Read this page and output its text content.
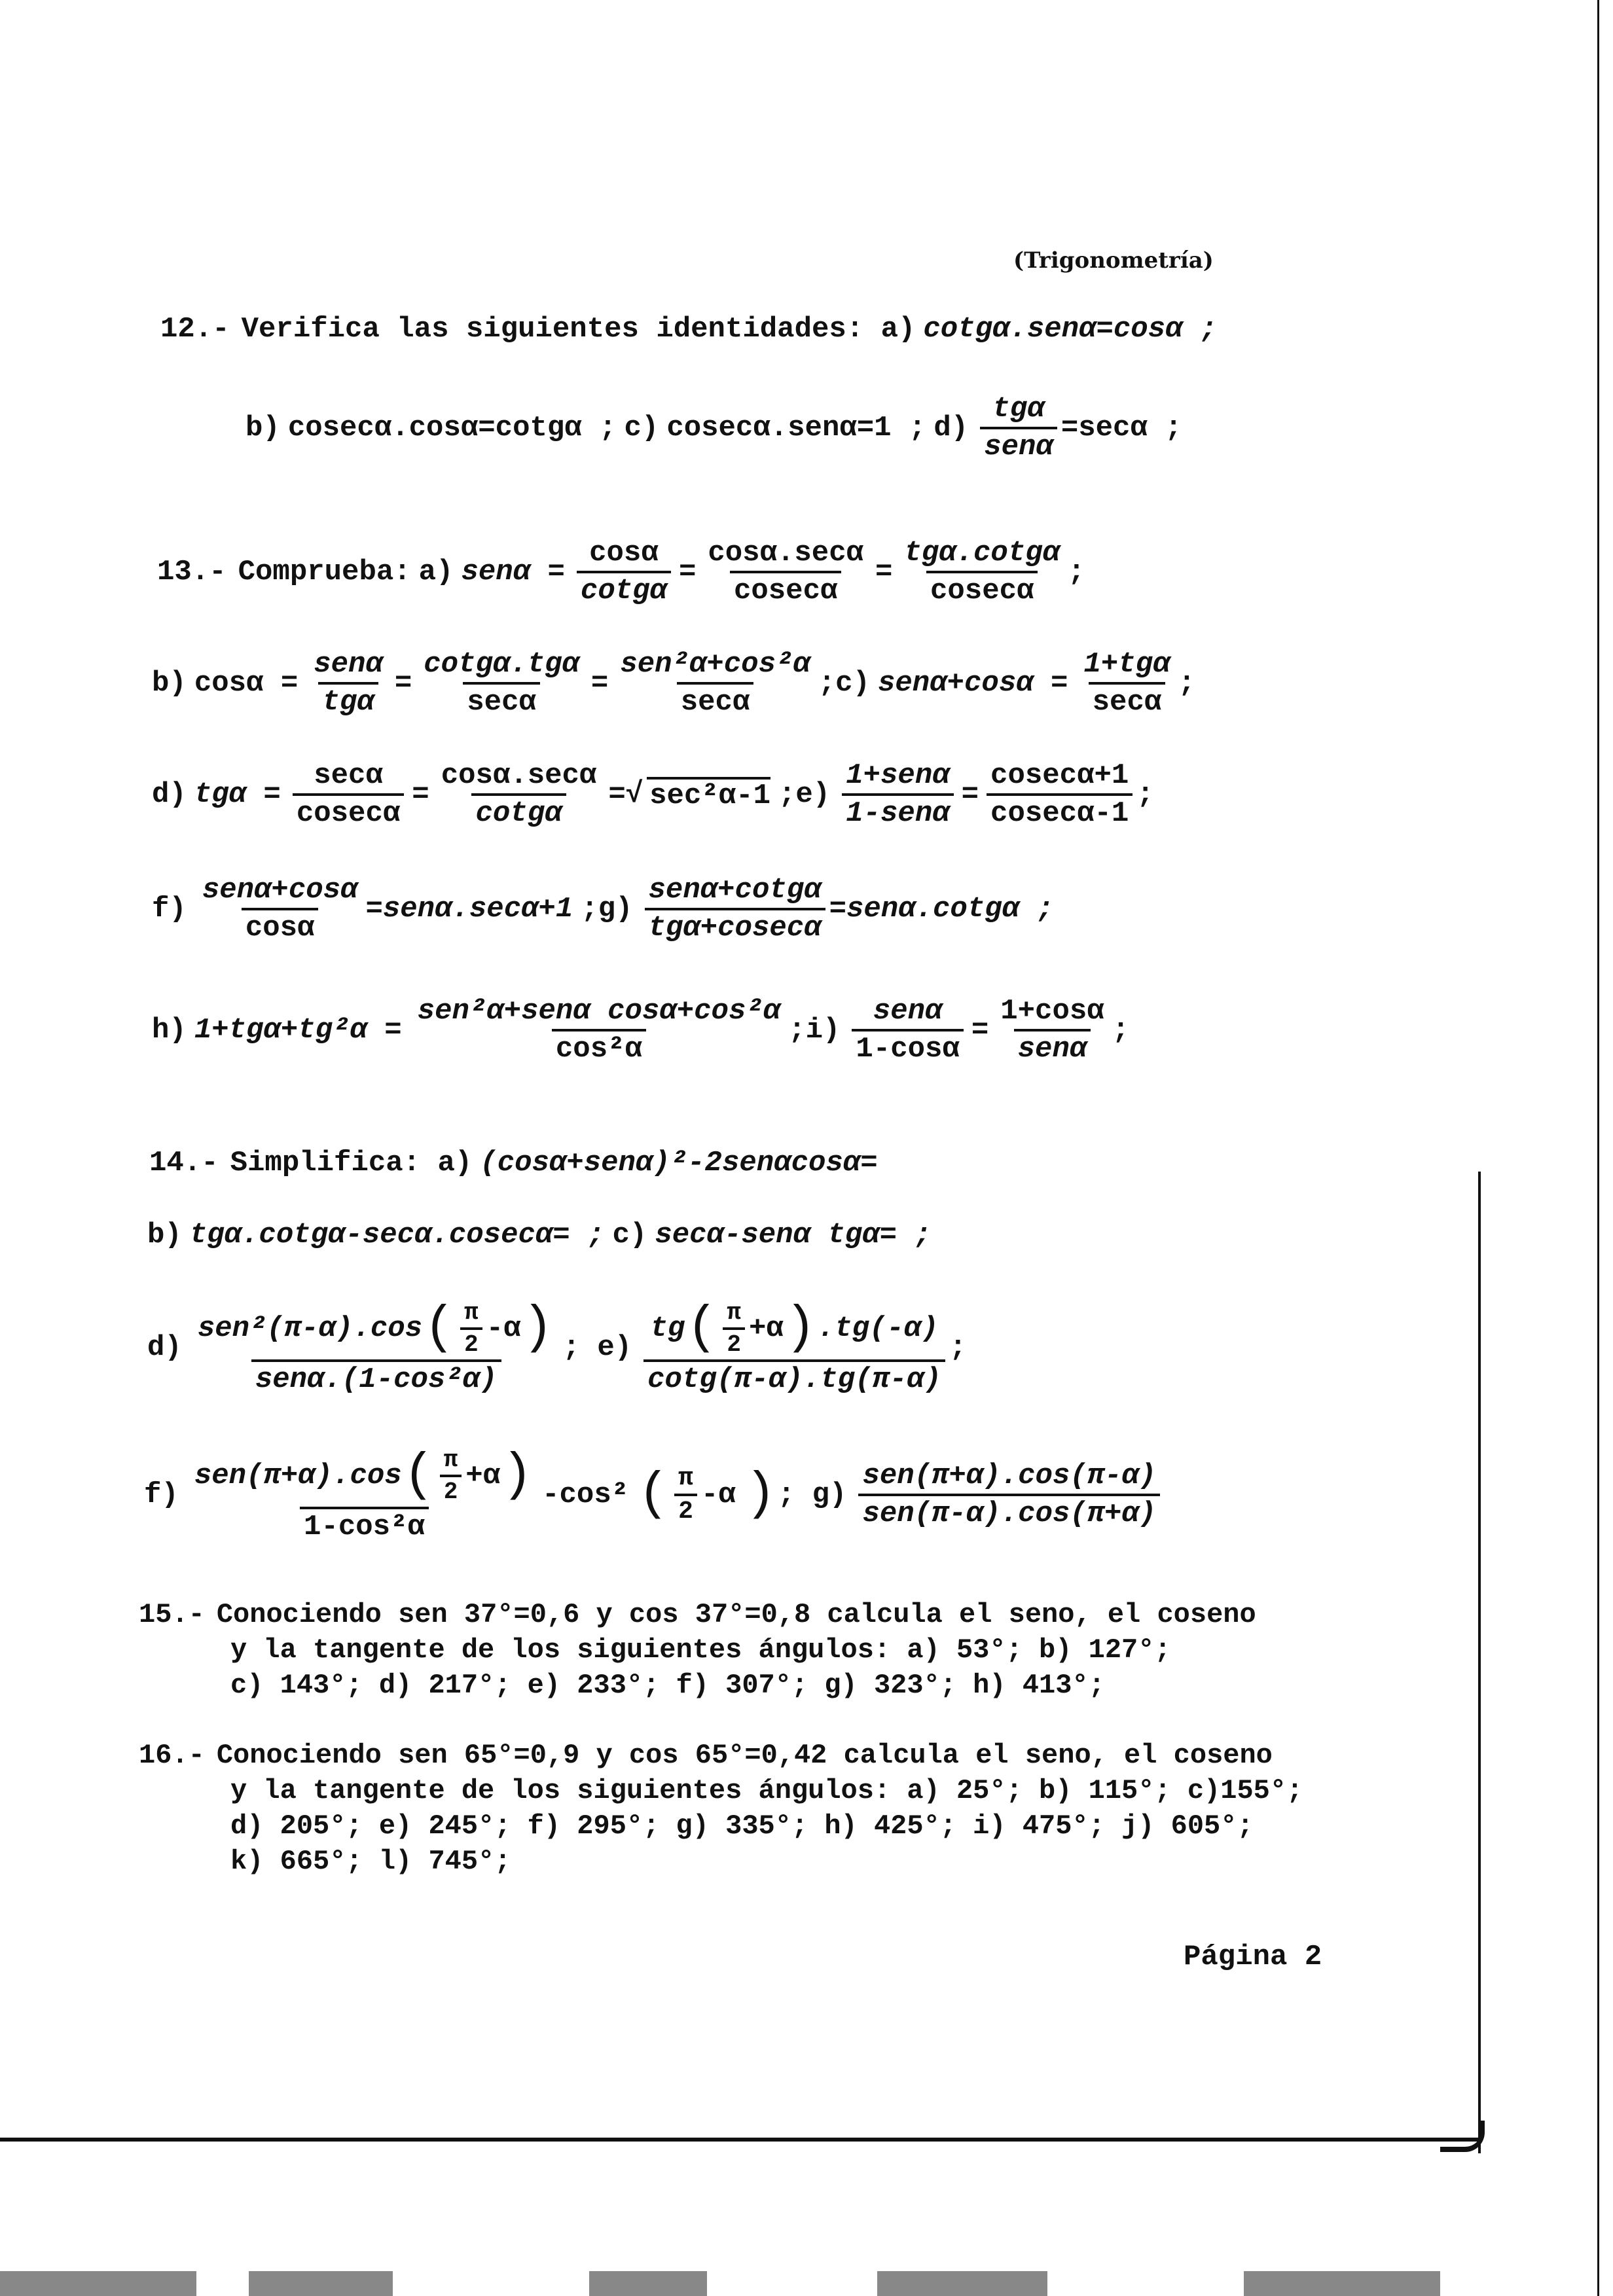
(Trigonometría)
12.- Verifica las siguientes identidades: a) cotgα.senα=cosα ;
b) cosecα.cosα=cotgα ; c) cosecα.senα=1 ; $d) \frac{\text{tgα}}{\text{senα}} =\sec\alpha$ ;
13.- Comprueba: a) $sen\alpha = \frac{\cos\alpha}{\cot g\alpha} = \frac{\cos\alpha.\sec\alpha}{cosec\alpha} = \frac{\text{tgα.cotgα}}{cosec\alpha}$ ;
b) $\cos\alpha = \frac{\text{senα}}{\text{tgα}} = \frac{\text{cotgα.tgα}}{\sec\alpha} = \frac{\text{sen²α+cos²α}}{\sec\alpha}$ ;c) $sen\alpha+\cos\alpha = \frac{\text{1+tgα}}{\sec\alpha}$ ;
d) $tg\alpha = \frac{\sec\alpha}{cosec\alpha} = \frac{\cos\alpha.\sec\alpha}{\cot g\alpha}$ =√ sec²α-1 ;e) $\frac{\text{1+senα}}{\text{1-senα}} = \frac{cosec\alpha+1}{cosec\alpha-1}$ ;
$f) \frac{\text{senα+cosα}}{\cos\alpha} =sen\alpha.\sec\alpha+1$ ;g) $\frac{\text{senα+cotgα}}{\text{tgα+cosecα}} =sen\alpha.\cot g\alpha$ ;
h) $1+tg\alpha+tg^2\alpha = \frac{\text{sen²α+senα cosα+cos²α}}{\text{cos²α}}$ ;i) $\frac{\text{senα}}{1-\cos\alpha} = \frac{1+\cos\alpha}{\text{senα}}$ ;
14.- Simplifica: a) (cosα+senα)²-2senαcosα=
b) tgα.cotgα-secα.cosecα= ; c) secα-senα tgα= ;
$d) \frac{sen^2(\pi-\alpha).\cos ( \frac{\pi}{2} -\alpha )}{\text{senα.(1-cos²α)}}$ ; $e) \frac{tg ( \frac{\pi}{2} +\alpha ) .tg(-\alpha)}{\cot g(\pi-\alpha).tg(\pi-\alpha)}$ ;
$f) \frac{sen(\pi+\alpha).\cos ( \frac{\pi}{2} +\alpha )}{\text{1-cos²α}} -\cos^2$ ( $\frac{\pi}{2} -\alpha$ ) ; $g) \frac{\text{sen(π+α).cos(π-α)}}{\text{sen(π-α).cos(π+α)}}$
15.- Conociendo sen 37°=0,6 y cos 37°=0,8 calcula el seno, el coseno
y la tangente de los siguientes ángulos: a) 53°; b) 127°;
c) 143°; d) 217°; e) 233°; f) 307°; g) 323°; h) 413°;
16.- Conociendo sen 65°=0,9 y cos 65°=0,42 calcula el seno, el coseno
y la tangente de los siguientes ángulos: a) 25°; b) 115°; c)155°;
d) 205°; e) 245°; f) 295°; g) 335°; h) 425°; i) 475°; j) 605°;
k) 665°; l) 745°;
Página 2
